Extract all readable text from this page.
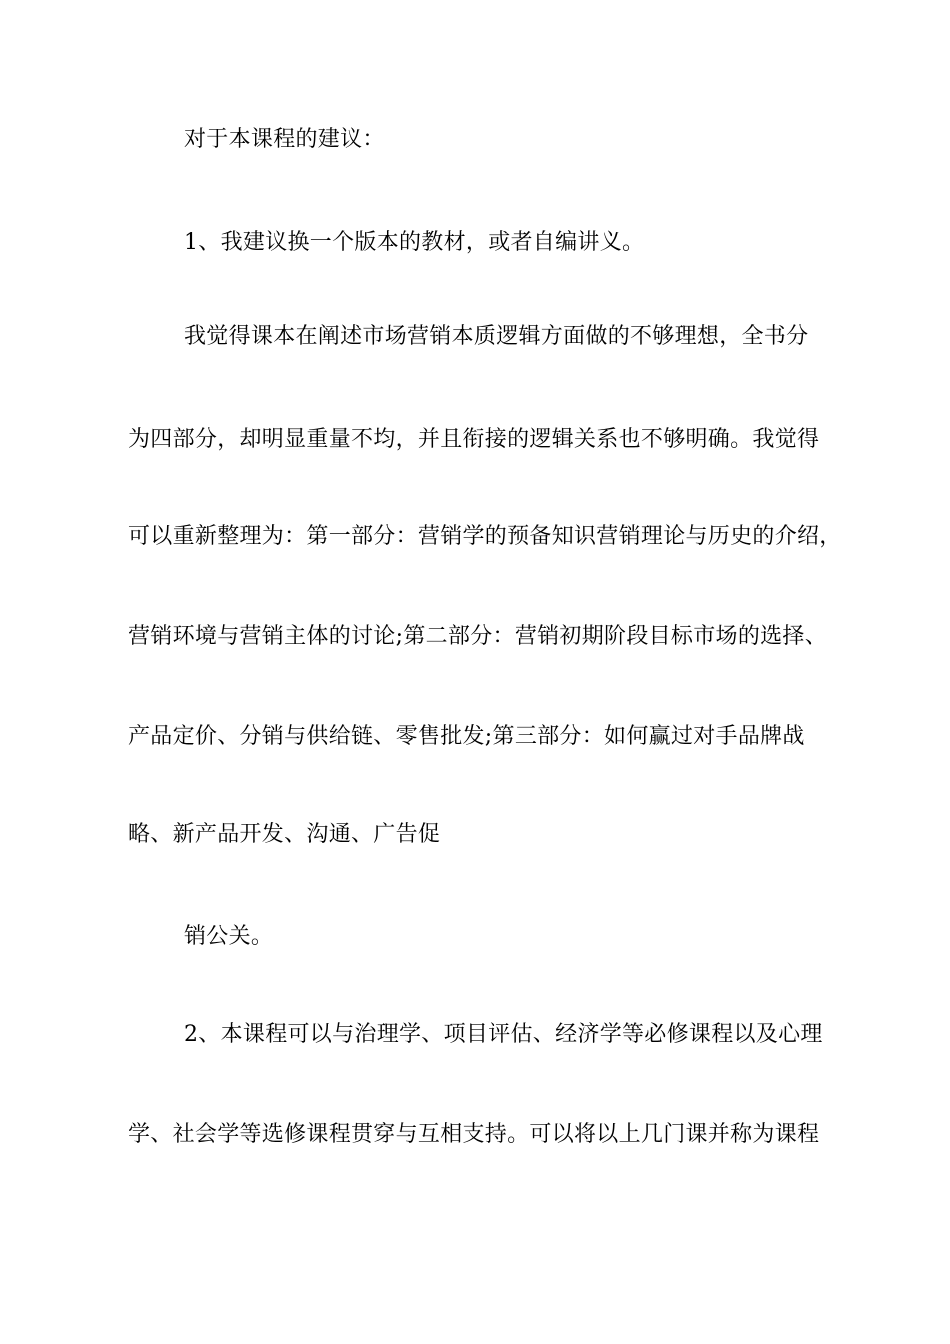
对于本课程的建议：
1、我建议换一个版本的教材，或者自编讲义。
我觉得课本在阐述市场营销本质逻辑方面做的不够理想，全书分
为四部分，却明显重量不均，并且衔接的逻辑关系也不够明确。我觉得
可以重新整理为：第一部分：营销学的预备知识营销理论与历史的介绍，
营销环境与营销主体的讨论;第二部分：营销初期阶段目标市场的选择、
产品定价、分销与供给链、零售批发;第三部分：如何赢过对手品牌战
略、新产品开发、沟通、广告促
销公关。
2、本课程可以与治理学、项目评估、经济学等必修课程以及心理
学、社会学等选修课程贯穿与互相支持。可以将以上几门课并称为课程
